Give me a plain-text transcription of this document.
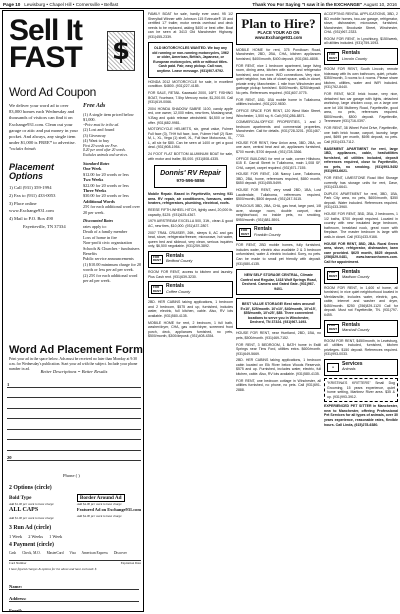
Page 10 Lewisburg • Chapel Hill • Cornersville • Belfast	Thank You For Saying "I saw it in the EXCHANGE" August 10, 2016
Sell It
FAST $
Word Ad Coupon
We deliver your word ad to over 83,000 homes each Wednesday and thousands of visitors can find it on Exchange931.com. Clean out your garage or attic and put money in your pocket. And always, any single item under $1,000 is FREE* to advertise.
*excludes Animals
Free Ads
(1) A single item priced below $1,000.
~Price must be in the ad.
(2) Lost and found
(3) Giveaway
(4) Want to buy
First 20 words are Free.
$.20 per word after 20 words.
Excludes animals and services.
Standard Rates
One Week
$12.00 for 20 words or less
Two Weeks
$22.00 for 20 words or less
Three Weeks
$30.00 for 20 words or less
Additional Words
25¢ for each additional word over 20 per week.
Discounted Rates
rates apply to:
Death of a family member
Loss of home in fire
Non-profit civic organization
Schools & Churches - fundraisers
Benefits
Public service announcements
(1) $10.00 minimum charge for 20 words or less per ad per week.
(2) 25¢ for each additional word per ad per week.
Placement Options
1) Call (931) 359-1994
2) Fax to (931) 433-0053
3) Place online www.Exchange931.com
4) Mail to P.O. Box 490
Fayetteville, TN 37334
Word Ad Placement Form
Print your ad in the space below. Ads must be received no later than Monday at 9:30 a.m. for Wednesday's publication. Start your ad with the subject. Include your phone number in ad.
Better Descriptions = Better Results
1
20
Phone ( )
2 Options (circle)
Bold Type
Add $1.00 per week to base charge
ALL CAPS
Add $1.00 per week to base charge
Border Around Ad
Add $4.00 per week to base charge
Featured Ad on Exchange931.com
Add $4.00 per week to base charge
3 Run Ad (circle)
1 Week 2 Weeks 1 Week
4 Payment (circle)
Cash Check, M.O. MasterCard Visa American Express Discover
Card Number	Expiration Date
I have figured charges & options for the above and have enclosed: $
Name:
Address:
Email:

FAMILY BOAT for sale, hardly ever used. 95 1/2 Sheryltail Winner with Johnson 115 Evinrude® 15 and certified 17' trailer, motor needs overhaul and deck needs to be replaced, asking $400 or best offer. Boat can be seen at 3413 Old Manchester Highway. (931)455-2339.

OLD MOTORCYCLES WANTED. We buy any old running or non-running motorcycles, 1962 or older, American, British, Japanese, or European motorcycles, with or without titles. Cash paid. Fair, easy pickup. Call now, anytime. Leave message. (931)907-9792.

HONDA 2012 MOTORCYCLE for sale, in excellent condition. $4800. (931)227-4185.

FOR SALE, RETAIL Kawasaki 2000, 16FT. FISHING BOAT, Yourtraxx, 7.5hp Mercury motor, $1,200.00. Call (931)619-0066.

2004 HONDA SHADOW SABRE 1100, candy apple red, one owner, 12,000 miles, new tires, Mustang seat, V-Bag and quick release windshield. $4,500 or best offer. (931)682-9981.

MOTORCYCLE HELMETS, six, great value, Fulmer Full face (3), THH full face, Icon, Fulmer Half (2) Size: M, L, XL, Vega (1) shell, XL, Full face Motocross, XL, L, all six for $80. Can be seen at 1400 or get a good deal. (931)908-1954.

24 FOOT FLAT BOTTOM ALUMINUM BOAT for sale, with motor and trailer, $5,000. (931)808-4335.

Donnis' RV Repair
970-596-5856

Mobile Repair. Based in Fayetteville, serving 931 area. RV repair, air conditioners, furnaces, water heaters, refrigerators, plumbing, electrical, roofs.

REESE FIFTH-WHEEL HITCH, lightly used, 20,000 lb. capacity, $125. (931)625-4367.

1979 AIRSTREAM EXCELLA 500, 31ft., clean & good AC, new tires, $10,000. (931)437-2807.

2007 TRAIL CRUISER, 26ft., sleeps 6, AC and gas heat, stove, refrigerator/freezer, microwave, hot water, queen bed and slideout, very clean, serious inquiries only, $6,500 negotiable. (931)259-3892.

FOR
RENT
Rentals
Bedford County

ROOM FOR RENT, access to kitchen and laundry. Plus Cash rent. (931)639-3230.

FOR
RENT
Rentals
Coffee County

2BD. HER CABINS taking applications, 1 bedroom and 2 bedroom, $575 and up, furnished, includes water, electric, full kitchen, cable. Also, RV lots available. (931)580-4135.

MOBILE HOME for rent, 2 bedroom, 1 full bath, washer/dryer, CHA, gas water/dryer, screened front porch, deck, appliances furnished, no pets, $500/month, $300/deposit. (931)408-4354.

Plan to Hire?
PLACE YOUR AD ON
www.Exchange931.com

MOBILE HOME for rent, 375 Pondtown Road, Manchester, 2BD, 2BA, CHA, kitchen appliances furnished, $400/month, $400 deposit. (931)361-6808.

FOR RENT, nice 1 bedroom apartment, large living room, dining area, kitchen with stove and refrigerator furnished, and no more. W/D connections. Very nice, quiet neighbor, has lots of closet space, walk-in closet, private entry, Manchester. 1 mile from Winchester and garbage pickup furnished. $400/month, $250/deposit. No pets. References required. (931)607-0775.

FOR RENT, 1BD, 1BA mobile home in Tullahoma, utilities included. (931)222-9830.

OFFICE SPACE FOR RENT, 120 West Main Street, Winchester, 1,500 sq. ft. Call (931)286-8871.

COMMERCIAL/OFFICE PROPERTIES, 1 and 2 bedroom apartments and commercial properties, Manchester. Call for details. (931)728-3201. (931)467-7733.

HOUSE FOR RENT, New Union area, 3BD, 2BA, on one acre, central heat and air, appliances furnished, $700 month, $700 deposit. (931)728-3366.

OFFICE BUILDING for rent or sale, corner Hillsboro, 615 E. Carroll Street in Tullahoma, main 1,008 SF, CHA, carpet, carpet required. (931)571-7155.

HOUSE FOR RENT, 108 Nancy Lane, Tullahoma, 3BD, 2BA, home, references required, $650 month, $650 deposit. (931)455-5499.

HOUSE FOR RENT, very small 2BD, 1BA, Lost Lauderdale, Tullahoma, references required, $500/month, $500 deposit. (931)247-5115.

SPACIOUS 3BD, 2BA, CHA, gas heat, large yard, 1/8 acre, storage room, double carport, nice neighborhood, no inside pets, no smoking, $950/month. (931)581-5591.

FOR
RENT
Rentals
Franklin County

FOR RENT, 2BD mobile homes, fully furnished, includes water, electric also available 2 & 3 bedroom unfurnished, water & electric included. Sorry, no pets. Can be made to small pet friendly with deposit. (931)580-4135.

NEW SELF STORAGE CENTRAL, Climate Control and Regular, 1418 Wolf Springs Road, Decherd. Camera and Gated Gate. (931)967-9401.

BEST VALUE STORAGE! Best rates around! 5'x10', $25/month. 10'x10', $40/month, 10'x15', $55/month, 10'x25', $85. Three convenient locations to serve you in Winchester, Decherd, TN 37324. (931)967-1493.

HOUSE FOR RENT, near Huntland, 2BD, 1BA, no pets, $500/month. (931)469-7152.

FOR RENT, 3 BEDROOM, 1 BATH home in Estill Springs near Tims Ford, utilities extra. $600/month. (931)649-5669.

2BD. HER CABINS taking applications, 1 bedroom cabin located on Elk River below Woods Reservoir, $575 and up. Furnished, includes water, electric, full kitchen, cable. Also, RV lots available. (931)580-4135.

FOR RENT, one bedroom cottage in Winchester, all utilities furnished, no phone, no pets. Call (931)691-2888.

ACCEPTING RENTAL APPLICATIONS, 3BD, 2 BD mobile homes, two-car garage, refrigerator, stove, dishwasher, microwave, furnished. Manchester, Brookvale Street, Winchester, CHA. (931)967-2333.

ROOM FOR RENT, in Lynchburg, $150/week, all utilities included. (931)759-1093.

FOR
RENT
Rentals
Lincoln County

ROOM FOR RENT, South Lincoln, remote hideaway with its own bathroom, quiet, private. $350/month, 3 rooms to 4 rooms. Please share kitchen, utilities, water and WiFi included. (931)762-8440.

FOR RENT, NICE brick house, very nice, detached two car garage with lights, detached workshop, large chicken coop, on a large one acre lot 106 Mulberry Road, Fayetteville, good area, no pets, references required. $800/month, $800 deposit. Fayetteville, Tennessee (931)716-0397.

FOR RENT, 38 Wheel Point Drive, Fayetteville, one bath brick house, carport, laundry, large yard, $695 per month, $695 deposit, no pets. Call (931)433-7112.

BASEMENT APARTMENT for rent, large 1BD, appliances, cable, heat/utilities furnished, all utilities included, deposit references required, close to Fayetteville, no pets, no smoking. (931)993-5452 (931)993-6621.

FOR RENT, LIMESTONE Road Mini Storage currently has storage units for rent, Dave, (931)433-6641.

DUPLEX APARTMENT for rent, 3BD, 1BA, Park City area, no pets, $600/month, $350 deposit. Water included. References required. (931)433-3960.

HOUSE FOR RENT, 3BD, 2BA, 2 bedrooms, 1 1/2 baths, $700 deposit required. Located in country with new insulated large bedroom, bathroom, breakfast nook, great room with fireplace. The master bedroom is large with walk-in closet. Call (931)433-9166.

HOUSE FOR RENT, 3BD, 2BA. Rural Green area, stove, refrigerator, dishwasher, lawn care provided. $625 month, $625 deposit. (256)829-0481, www.hansonhomes.com. Call for appointment.

FOR
RENT
Rentals
Madison County

ROOM FOR RENT, in 1,600 sf home, all furnished, in nice quiet neighborhood located in Meridianville, includes water, electric, gas, cable, internet and washer and dryer, $450/month. $250 (256)829-1120 Call for deposit. Must not Fayetteville, TN. (931)797-6455.

FOR
RENT
Rentals
Marshall County

ROOM FOR RENT, $450/month, in Lewisburg, all utilities included, furnished, kitchen privileges. $150 deposit. References required. (931)993-0033.

●	Services
Animals

"KRISTINA'S KRITTERS" Small Dog Grooming, 15 years experience, quiet home setting, Martinez River area. $35 & up. (931)993-3912.

EXPERIENCED PET SITTER in Manchester, new to Manchester, offering Professional Pet Services for all types of animals, over 30 years experience, reasonable rates, flexible hours. Call Linda, (615)278-6380.
